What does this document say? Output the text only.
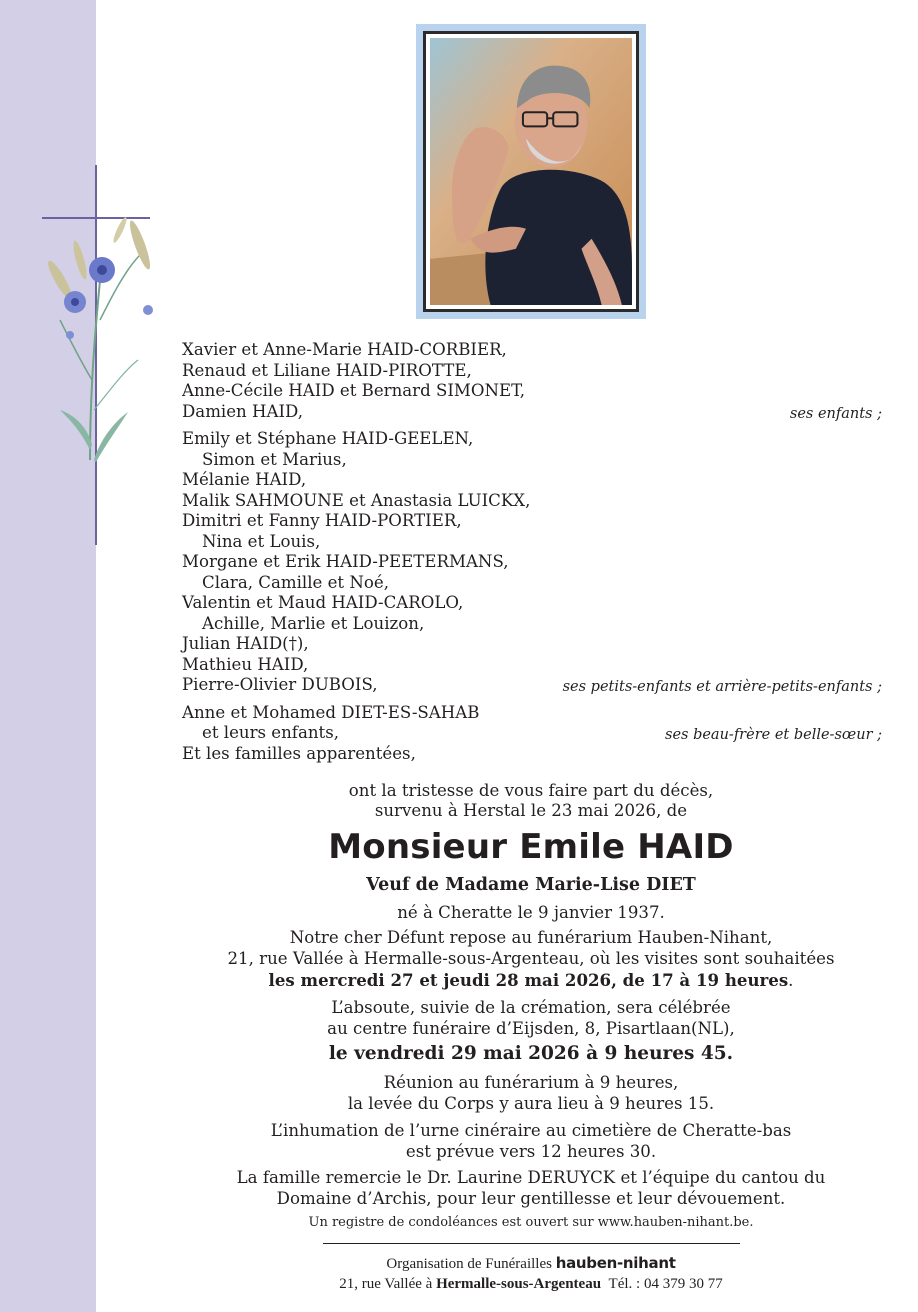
Xavier et Anne-Marie HAID-CORBIER,
Renaud et Liliane HAID-PIROTTE,
Anne-Cécile HAID et Bernard SIMONET,
Damien HAID,	ses enfants ;
Emily et Stéphane HAID-GEELEN,
Simon et Marius,
Mélanie HAID,
Malik SAHMOUNE et Anastasia LUICKX,
Dimitri et Fanny HAID-PORTIER,
Nina et Louis,
Morgane et Erik HAID-PEETERMANS,
Clara, Camille et Noé,
Valentin et Maud HAID-CAROLO,
Achille, Marlie et Louizon,
Julian HAID(†),
Mathieu HAID,
Pierre-Olivier DUBOIS,	ses petits-enfants et arrière-petits-enfants ;
Anne et Mohamed DIET-ES-SAHAB
et leurs enfants,	ses beau-frère et belle-sœur ;
Et les familles apparentées,
ont la tristesse de vous faire part du décès,
survenu à Herstal le 23 mai 2026, de
Monsieur Emile HAID
Veuf de Madame Marie-Lise DIET
né à Cheratte le 9 janvier 1937.
Notre cher Défunt repose au funérarium Hauben-Nihant,
21, rue Vallée à Hermalle-sous-Argenteau, où les visites sont souhaitées
les mercredi 27 et jeudi 28 mai 2026, de 17 à 19 heures.
L’absoute, suivie de la crémation, sera célébrée
au centre funéraire d’Eijsden, 8, Pisartlaan(NL),
le vendredi 29 mai 2026 à 9 heures 45.
Réunion au funérarium à 9 heures,
la levée du Corps y aura lieu à 9 heures 15.
L’inhumation de l’urne cinéraire au cimetière de Cheratte-bas
est prévue vers 12 heures 30.
La famille remercie le Dr. Laurine DERUYCK et l’équipe du cantou du
Domaine d’Archis, pour leur gentillesse et leur dévouement.
Un registre de condoléances est ouvert sur www.hauben-nihant.be.
Organisation de Funérailles hauben-nihant
21, rue Vallée à Hermalle-sous-Argenteau Tél. : 04 379 30 77
